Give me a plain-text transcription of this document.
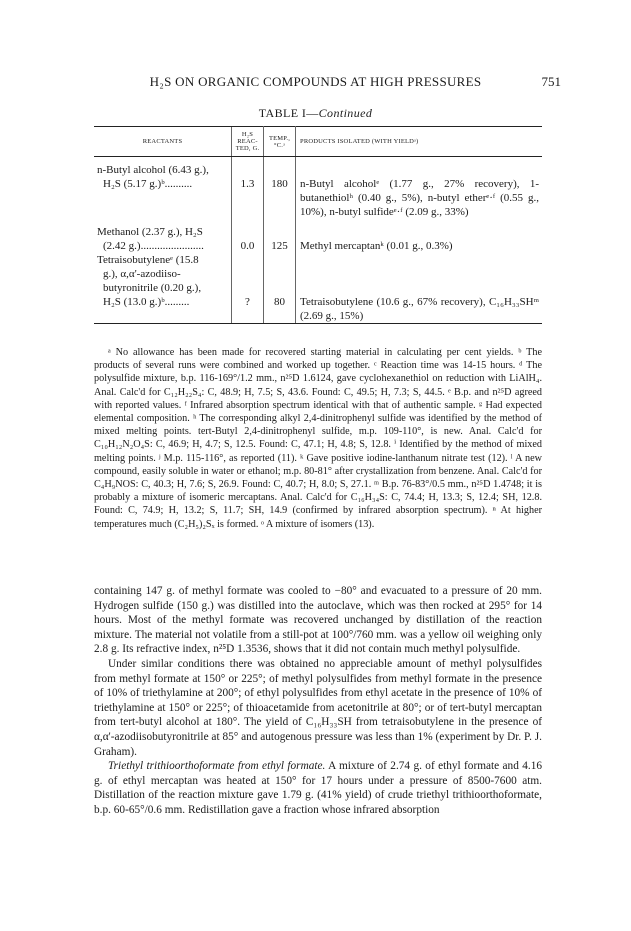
H₂S ON ORGANIC COMPOUNDS AT HIGH PRESSURES	751
TABLE I—Continued
REACTANTS	H₂S REAC-TED, G.	TEMP., °C.ᵃ	PRODUCTS ISOLATED (WITH YIELDᵃ)

n-Butyl alcohol (6.43 g.),
H₂S (5.17 g.)ᵇ..........	1.3	180	n-Butyl alcoholᵉ (1.77 g., 27% recovery), 1-butanethiolʰ (0.40 g., 5%), n-butyl etherᵉ·ᶠ (0.55 g., 10%), n-butyl sulfideᵉ·ᶠ (2.09 g., 33%)

Methanol (2.37 g.), H₂S
(2.42 g.).......................	0.0	125	Methyl mercaptanᵏ (0.01 g., 0.3%)

Tetraisobutyleneᵉ (15.8
g.), α,α'-azodiiso-
butyronitrile (0.20 g.),
H₂S (13.0 g.)ᵇ.........	?	80	Tetraisobutylene (10.6 g., 67% recovery), C₁₆H₃₃SHᵐ (2.69 g., 15%)
ᵃ No allowance has been made for recovered starting material in calculating per cent yields. ᵇ The products of several runs were combined and worked up together. ᶜ Reaction time was 14-15 hours. ᵈ The polysulfide mixture, b.p. 116-169°/1.2 mm., n²⁵D 1.6124, gave cyclohexanethiol on reduction with LiAlH₄. Anal. Calc'd for C₁₂H₂₂S₄: C, 48.9; H, 7.5; S, 43.6. Found: C, 49.5; H, 7.3; S, 44.5. ᵉ B.p. and n²⁵D agreed with reported values. ᶠ Infrared absorption spectrum identical with that of authentic sample. ᵍ Had expected elemental composition. ʰ The corresponding alkyl 2,4-dinitrophenyl sulfide was identified by the method of mixed melting points. tert-Butyl 2,4-dinitrophenyl sulfide, m.p. 109-110°, is new. Anal. Calc'd for C₁₀H₁₂N₂O₄S: C, 46.9; H, 4.7; S, 12.5. Found: C, 47.1; H, 4.8; S, 12.8. ⁱ Identified by the method of mixed melting points. ʲ M.p. 115-116°, as reported (11). ᵏ Gave positive iodine-lanthanum nitrate test (12). ˡ A new compound, easily soluble in water or ethanol; m.p. 80-81° after crystallization from benzene. Anal. Calc'd for C₄H₉NOS: C, 40.3; H, 7.6; S, 26.9. Found: C, 40.7; H, 8.0; S, 27.1. ᵐ B.p. 76-83°/0.5 mm., n²⁵D 1.4748; it is probably a mixture of isomeric mercaptans. Anal. Calc'd for C₁₆H₃₄S: C, 74.4; H, 13.3; S, 12.4; SH, 12.8. Found: C, 74.9; H, 13.2; S, 11.7; SH, 14.9 (confirmed by infrared absorption spectrum). ⁿ At higher temperatures much (C₂H₅)₂Sₓ is formed. ᵒ A mixture of isomers (13).

containing 147 g. of methyl formate was cooled to −80° and evacuated to a pressure of 20 mm. Hydrogen sulfide (150 g.) was distilled into the autoclave, which was then rocked at 295° for 14 hours. Most of the methyl formate was recovered unchanged by distillation of the reaction mixture. The material not volatile from a still-pot at 100°/760 mm. was a yellow oil weighing only 2.8 g. Its refractive index, n²⁵D 1.3536, shows that it did not contain much methyl polysulfide.

Under similar conditions there was obtained no appreciable amount of methyl polysulfides from methyl formate at 150° or 225°; of methyl polysulfides from methyl formate in the presence of 10% of triethylamine at 200°; of ethyl polysulfides from ethyl acetate in the presence of 10% of triethylamine at 150° or 225°; of thioacetamide from acetonitrile at 80°; or of tert-butyl mercaptan from tert-butyl alcohol at 180°. The yield of C₁₆H₃₃SH from tetraisobutylene in the presence of α,α'-azodiisobutyronitrile at 85° and autogenous pressure was less than 1% (experiment by Dr. P. J. Graham).

Triethyl trithioorthoformate from ethyl formate. A mixture of 2.74 g. of ethyl formate and 4.16 g. of ethyl mercaptan was heated at 150° for 17 hours under a pressure of 8500-7600 atm. Distillation of the reaction mixture gave 1.79 g. (41% yield) of crude triethyl trithioorthoformate, b.p. 60-65°/0.6 mm. Redistillation gave a fraction whose infrared absorption
